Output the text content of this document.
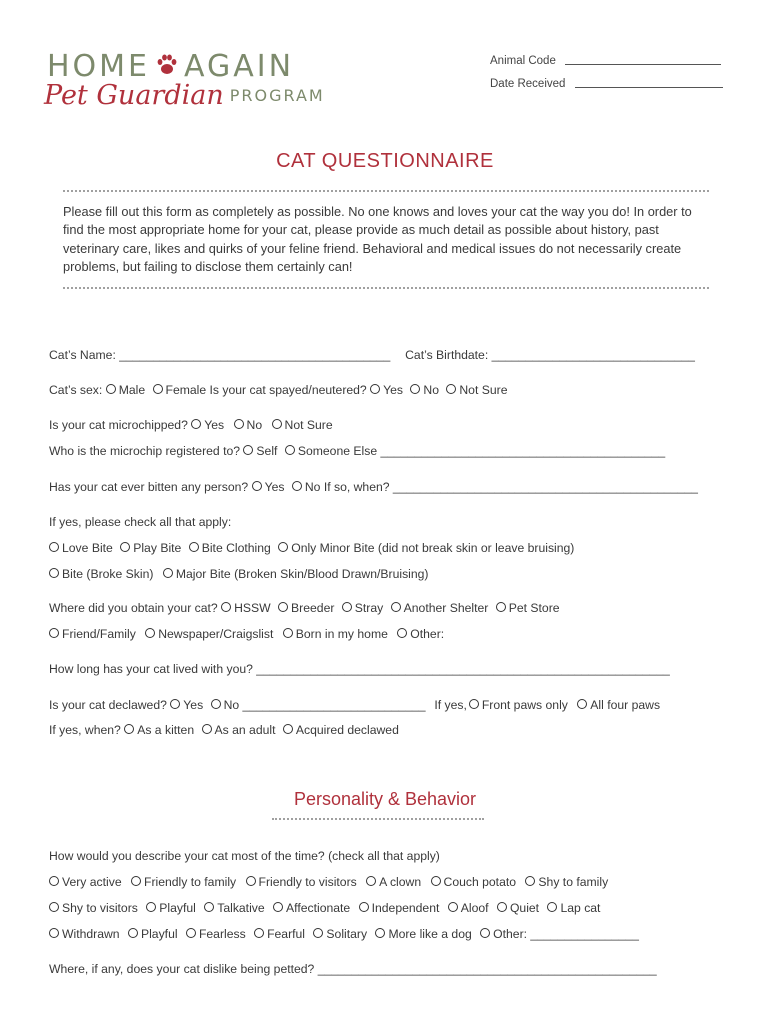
HOME AGAIN
Pet Guardian PROGRAM
Animal Code
Date Received
CAT QUESTIONNAIRE
Please fill out this form as completely as possible. No one knows and loves your cat the way you do! In order to find the most appropriate home for your cat, please provide as much detail as possible about history, past veterinary care, likes and quirks of your feline friend. Behavioral and medical issues do not necessarily create problems, but failing to disclose them certainly can!
Cat’s Name: ________________________________________ Cat’s Birthdate: ______________________________
Cat’s sex: Male Female Is your cat spayed/neutered? Yes No Not Sure
Is your cat microchipped? Yes No Not Sure
Who is the microchip registered to? Self Someone Else __________________________________________
Has your cat ever bitten any person? Yes No If so, when? _____________________________________________
If yes, please check all that apply:
Love Bite Play Bite Bite Clothing Only Minor Bite (did not break skin or leave bruising)
Bite (Broke Skin) Major Bite (Broken Skin/Blood Drawn/Bruising)
Where did you obtain your cat? HSSW Breeder Stray Another Shelter Pet Store
Friend/Family Newspaper/Craigslist Born in my home Other:
How long has your cat lived with you? _____________________________________________________________
Is your cat declawed? Yes No ___________________________ If yes, Front paws only All four paws
If yes, when? As a kitten As an adult Acquired declawed
Personality & Behavior
How would you describe your cat most of the time? (check all that apply)
Very active Friendly to family Friendly to visitors A clown Couch potato Shy to family
Shy to visitors Playful Talkative Affectionate Independent Aloof Quiet Lap cat
Withdrawn Playful Fearless Fearful Solitary More like a dog Other: ________________
Where, if any, does your cat dislike being petted? __________________________________________________
